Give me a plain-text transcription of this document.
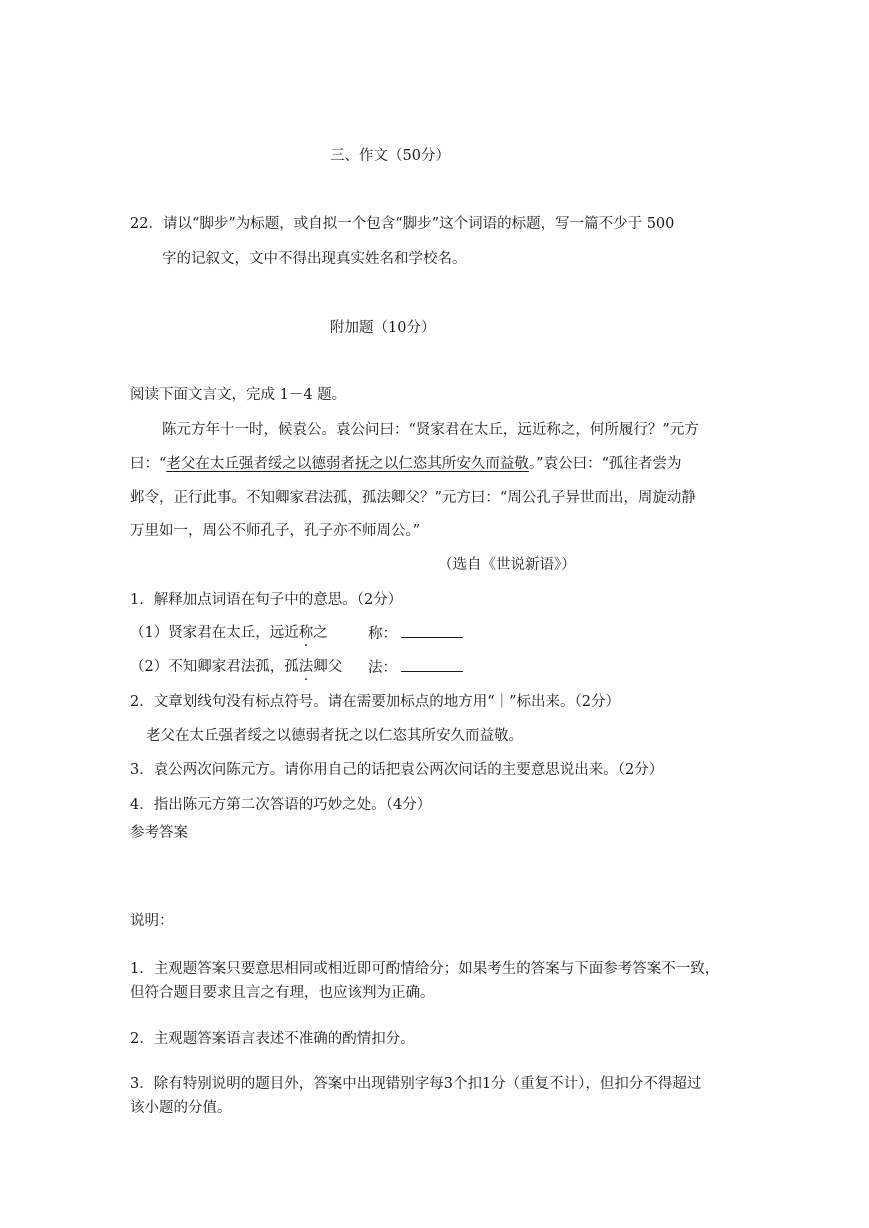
三、作文（50分）
22．请以“脚步”为标题，或自拟一个包含“脚步”这个词语的标题，写一篇不少于 500
字的记叙文，文中不得出现真实姓名和学校名。
附加题（10分）
阅读下面文言文，完成 1－4 题。
陈元方年十一时，候袁公。袁公问曰：“贤家君在太丘，远近称之，何所履行？”元方
曰：“老父在太丘强者绥之以德弱者抚之以仁恣其所安久而益敬。”袁公曰：“孤往者尝为
邺令，正行此事。不知卿家君法孤，孤法卿父？”元方曰：“周公孔子异世而出，周旋动静
万里如一，周公不师孔子，孔子亦不师周公。”
（选自《世说新语》）
1．解释加点词语在句子中的意思。（2分）
（1）贤家君在太丘，远近称之	称：
（2）不知卿家君法孤，孤法卿父 法：
2．文章划线句没有标点符号。请在需要加标点的地方用“｜”标出来。（2分）
老父在太丘强者绥之以德弱者抚之以仁恣其所安久而益敬。
3．袁公两次问陈元方。请你用自己的话把袁公两次问话的主要意思说出来。（2分）
4．指出陈元方第二次答语的巧妙之处。（4分）
参考答案
说明：
1．主观题答案只要意思相同或相近即可酌情给分；如果考生的答案与下面参考答案不一致，
但符合题目要求且言之有理，也应该判为正确。
2．主观题答案语言表述不准确的酌情扣分。
3．除有特别说明的题目外，答案中出现错别字每3个扣1分（重复不计），但扣分不得超过
该小题的分值。
